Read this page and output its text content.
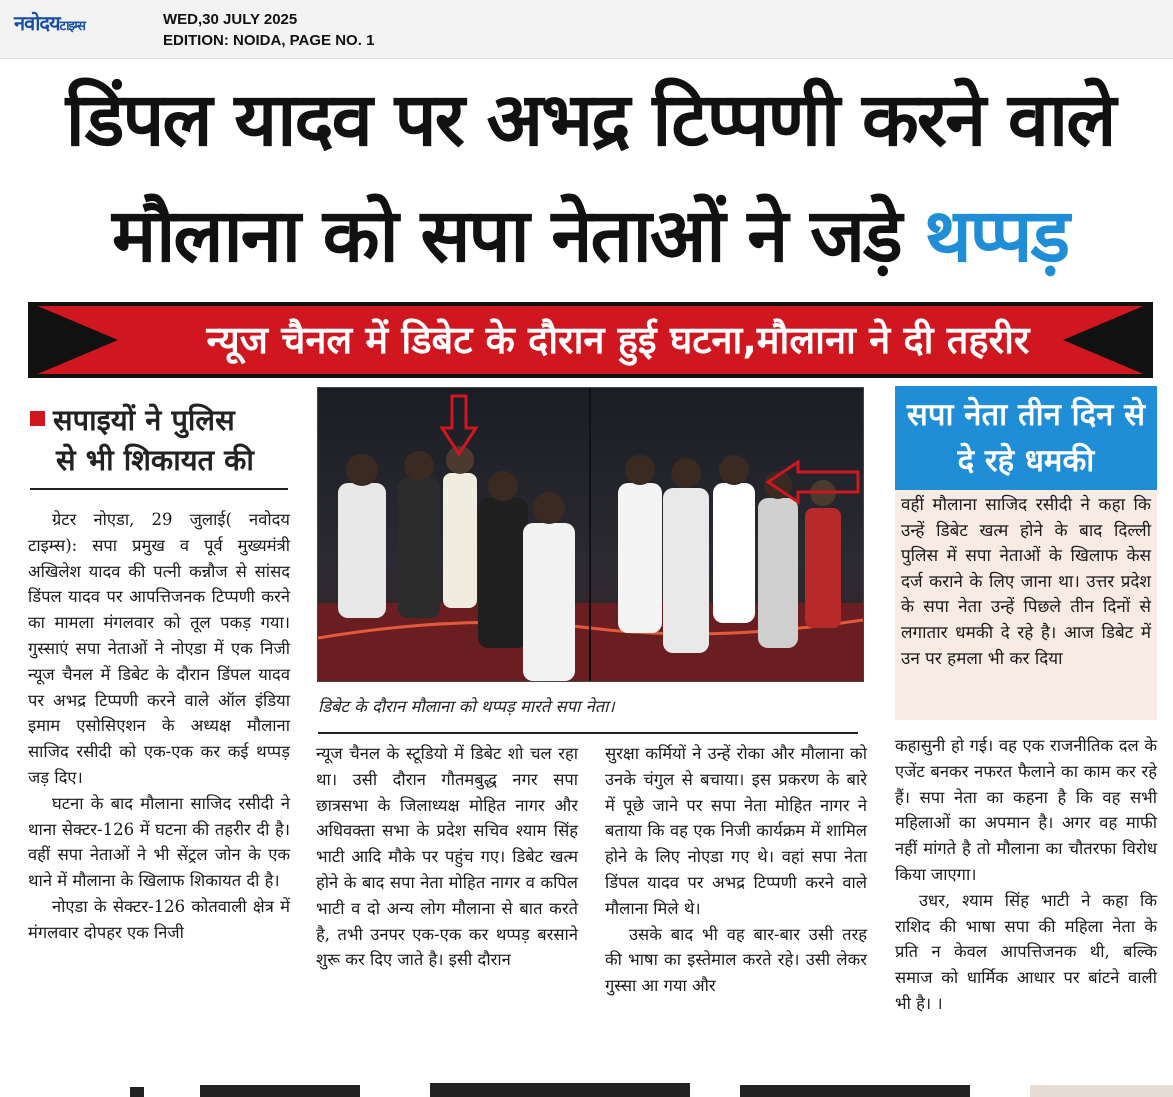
नवोदयटाइम्स	WED,30 JULY 2025
EDITION: NOIDA, PAGE NO. 1
डिंपल यादव पर अभद्र टिप्पणी करने वाले
मौलाना को सपा नेताओं ने जड़े थप्पड़
न्यूज चैनल में डिबेट के दौरान हुई घटना,मौलाना ने दी तहरीर
सपाइयों ने पुलिस
से भी शिकायत की

ग्रेटर नोएडा, 29 जुलाई( नवोदय टाइम्स): सपा प्रमुख व पूर्व मुख्यमंत्री अखिलेश यादव की पत्नी कन्नौज से सांसद डिंपल यादव पर आपत्तिजनक टिप्पणी करने का मामला मंगलवार को तूल पकड़ गया। गुस्साएं सपा नेताओं ने नोएडा में एक निजी न्यूज चैनल में डिबेट के दौरान डिंपल यादव पर अभद्र टिप्पणी करने वाले ऑल इंडिया इमाम एसोसिएशन के अध्यक्ष मौलाना साजिद रसीदी को एक-एक कर कई थप्पड़ जड़ दिए।

घटना के बाद मौलाना साजिद रसीदी ने थाना सेक्टर-126 में घटना की तहरीर दी है। वहीं सपा नेताओं ने भी सेंट्रल जोन के एक थाने में मौलाना के खिलाफ शिकायत दी है।

नोएडा के सेक्टर-126 कोतवाली क्षेत्र में मंगलवार दोपहर एक निजी

डिबेट के दौरान मौलाना को थप्पड़ मारते सपा नेता।

न्यूज चैनल के स्टूडियो में डिबेट शो चल रहा था। उसी दौरान गौतमबुद्ध नगर सपा छात्रसभा के जिलाध्यक्ष मोहित नागर और अधिवक्ता सभा के प्रदेश सचिव श्याम सिंह भाटी आदि मौके पर पहुंच गए। डिबेट खत्म होने के बाद सपा नेता मोहित नागर व कपिल भाटी व दो अन्य लोग मौलाना से बात करते है, तभी उनपर एक-एक कर थप्पड़ बरसाने शुरू कर दिए जाते है। इसी दौरान

सुरक्षा कर्मियों ने उन्हें रोका और मौलाना को उनके चंगुल से बचाया। इस प्रकरण के बारे में पूछे जाने पर सपा नेता मोहित नागर ने बताया कि वह एक निजी कार्यक्रम में शामिल होने के लिए नोएडा गए थे। वहां सपा नेता डिंपल यादव पर अभद्र टिप्पणी करने वाले मौलाना मिले थे।

उसके बाद भी वह बार-बार उसी तरह की भाषा का इस्तेमाल करते रहे। उसी लेकर गुस्सा आ गया और

सपा नेता तीन दिन से दे रहे धमकी

वहीं मौलाना साजिद रसीदी ने कहा कि उन्हें डिबेट खत्म होने के बाद दिल्ली पुलिस में सपा नेताओं के खिलाफ केस दर्ज कराने के लिए जाना था। उत्तर प्रदेश के सपा नेता उन्हें पिछले तीन दिनों से लगातार धमकी दे रहे है। आज डिबेट में उन पर हमला भी कर दिया

कहासुनी हो गई। वह एक राजनीतिक दल के एजेंट बनकर नफरत फैलाने का काम कर रहे हैं। सपा नेता का कहना है कि वह सभी महिलाओं का अपमान है। अगर वह माफी नहीं मांगते है तो मौलाना का चौतरफा विरोध किया जाएगा।

उधर, श्याम सिंह भाटी ने कहा कि राशिद की भाषा सपा की महिला नेता के प्रति न केवल आपत्तिजनक थी, बल्कि समाज को धार्मिक आधार पर बांटने वाली भी है। ।
